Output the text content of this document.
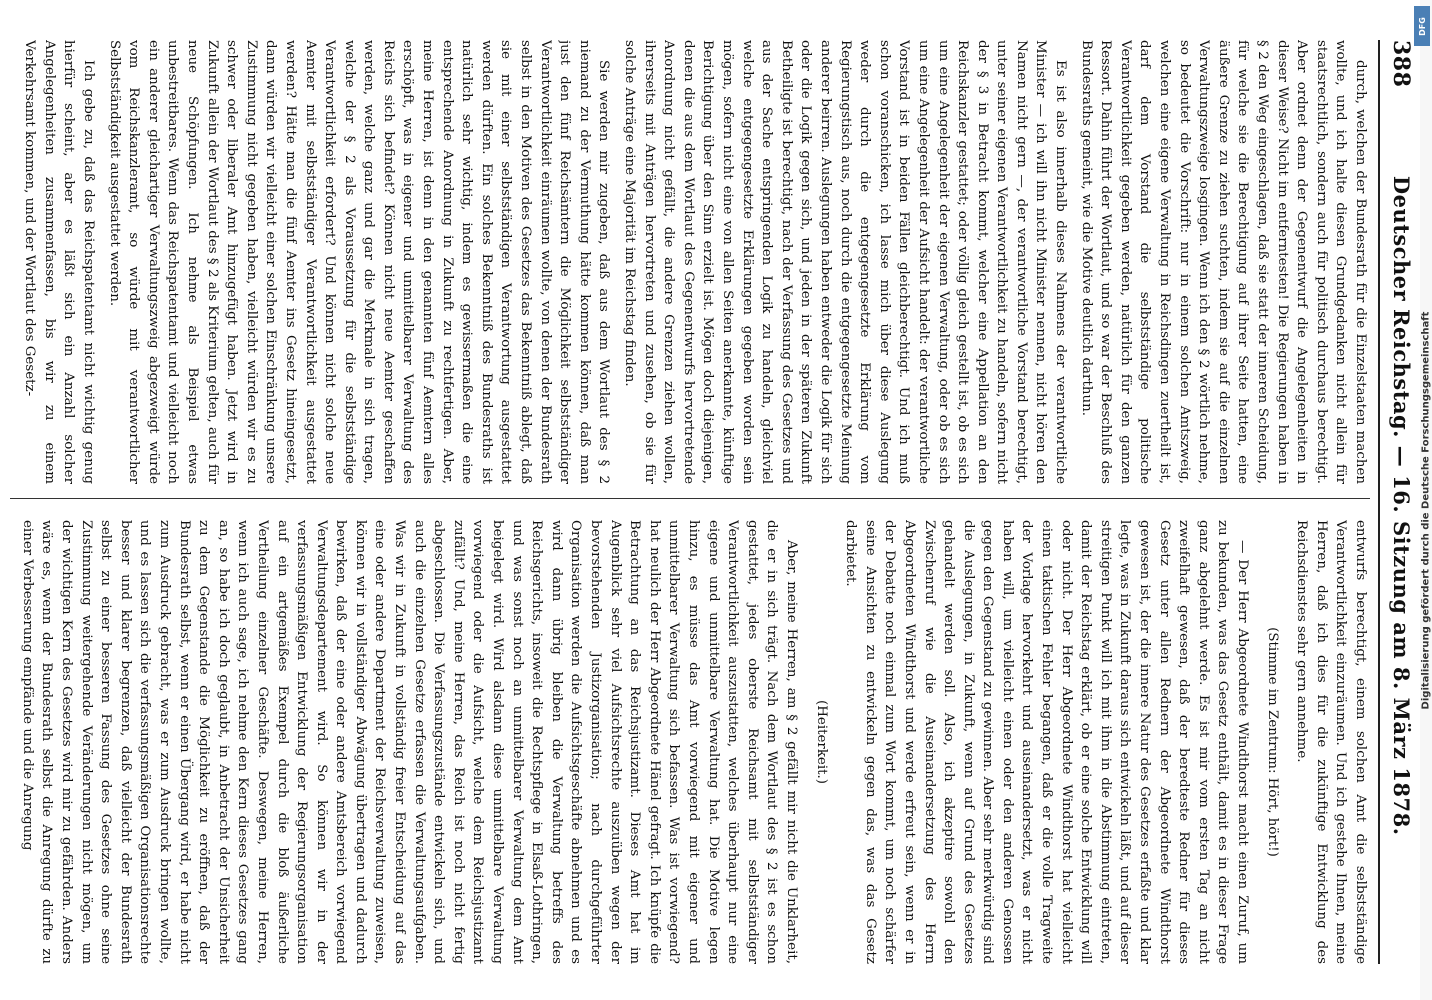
388
Deutscher Reichstag. — 16. Sitzung am 8. März 1878.

durch, welchen der Bundesrath für die Einzelstaaten machen wollte, und ich halte diesen Grundgedanken nicht allein für staatsrechtlich, sondern auch für politisch durchaus berechtigt. Aber ordnet denn der Gegenentwurf die Angelegenheiten in dieser Weise? Nicht im entferntesten! Die Regierungen haben in § 2 den Weg eingeschlagen, daß sie statt der inneren Scheidung, für welche sie die Berechtigung auf ihrer Seite hatten, eine äußere Grenze zu ziehen suchten, indem sie auf die einzelnen Verwaltungszweige losgingen. Wenn ich den § 2 wörtlich nehme, so bedeutet die Vorschrift: nur in einem solchen Amtszweig, welchen eine eigene Verwaltung in Reichsdingen zuertheilt ist, darf dem Vorstand die selbstständige politische Verantwortlichkeit gegeben werden, natürlich für den ganzen Ressort. Dahin führt der Wortlaut, und so war der Beschluß des Bundesraths gemeint, wie die Motive deutlich darthun.

Es ist also innerhalb dieses Nahmens der verantwortliche Minister — ich will ihn nicht Minister nennen, nicht hören den Namen nicht gern —, der verantwortliche Vorstand berechtigt, unter seiner eigenen Verantwortlichkeit zu handeln, sofern nicht der § 3 in Betracht kommt, welcher eine Appellation an den Reichskanzler gestattet; oder völlig gleich gestellt ist, ob es sich um eine Angelegenheit der eigenen Verwaltung, oder ob es sich um eine Angelegenheit der Aufsicht handelt: der verantwortliche Vorstand ist in beiden Fällen gleichberechtigt. Und ich muß schon voranschicken, ich lasse mich über diese Auslegung weder durch die entgegengesetzte Erklärung vom Regierungstisch aus, noch durch die entgegengesetzte Meinung anderer beirren. Auslegungen haben entweder die Logik für sich oder die Logik gegen sich, und jeden in der späteren Zukunft Betheiligte ist berechtigt, nach der Verfassung des Gesetzes und aus der Sache entspringenden Logik zu handeln, gleichviel welche entgegengesetzte Erklärungen gegeben worden sein mögen, sofern nicht eine von allen Seiten anerkannte, künftige Berichtigung über den Sinn erzielt ist. Mögen doch diejenigen, denen die aus dem Wortlaut des Gegenentwurfs hervortretende Anordnung nicht gefällt, die andere Grenzen ziehen wollen, ihrerseits mit Anträgen hervortreten und zusehen, ob sie für solche Anträge eine Majorität im Reichstag finden.

Sie werden mir zugeben, daß aus dem Wortlaut des § 2 niemand zu der Vermuthung hätte kommen können, daß man just den fünf Reichsämtern die Möglichkeit selbstständiger Verantwortlichkeit einräumen wollte, von denen der Bundesrath selbst in den Motiven des Gesetzes das Bekenntniß ablegt, daß sie mit einer selbstständigen Verantwortung ausgestattet werden dürften. Ein solches Bekenntniß des Bundesraths ist natürlich sehr wichtig, indem es gewissermaßen die eine entsprechende Anordnung in Zukunft zu rechtfertigen. Aber, meine Herren, ist denn in den genannten fünf Aemtern alles erschöpft, was in eigener und unmittelbarer Verwaltung des Reichs sich befindet? Können nicht neue Aemter geschaffen werden, welche ganz und gar die Merkmale in sich tragen, welche der § 2 als Voraussetzung für die selbstständige Verantwortlichkeit erfordert? Und können nicht solche neue Aemter mit selbstständiger Verantwortlichkeit ausgestattet werden? Hätte man die fünf Aemter ins Gesetz hineingesetzt, dann würden wir vielleicht einer solchen Einschränkung unsere Zustimmung nicht gegeben haben, vielleicht würden wir es zu schwer oder liberaler Amt hinzugefügt haben. Jetzt wird in Zukunft allein der Wortlaut des § 2 als Kriterium gelten, auch für neue Schöpfungen. Ich nehme als Beispiel etwas unbestreitbares. Wenn das Reichspatentamt und vielleicht noch ein anderer gleichartiger Verwaltungszweig abgezweigt würde vom Reichskanzleramt, so würde mit verantwortlicher Selbstständigkeit ausgestattet werden.

Ich gebe zu, daß das Reichspatentamt nicht wichtig genug hierfür scheint, aber es läßt sich ein Anzahl solcher Angelegenheiten zusammenfassen, bis wir zu einem Verkehrsamt kommen, und der Wortlaut des Gesetz-

entwurfs berechtigt, einem solchen Amt die selbstständige Verantwortlichkeit einzuräumen. Und ich gestehe Ihnen, meine Herren, daß ich dies für die zukünftige Entwicklung des Reichsdienstes sehr gern annehme.

(Stimme im Zentrum: Hört, hört!)

— Der Herr Abgeordnete Windthorst macht einen Zuruf, um zu bekunden, was das Gesetz enthält, damit es in dieser Frage ganz abgelehnt werde. Es ist mir vom ersten Tag an nicht zweifelhaft gewesen, daß der beredteste Redner für dieses Gesetz unter allen Rednern der Abgeordnete Windthorst gewesen ist, der die innere Natur des Gesetzes erfaßte und klar legte, was in Zukunft daraus sich entwickeln läßt, und auf dieser streitigen Punkt will ich mit ihm in die Abstimmung eintreten, damit der Reichstag erklärt, ob er eine solche Entwicklung will oder nicht. Der Herr Abgeordnete Windthorst hat vielleicht einen taktischen Fehler begangen, daß er die volle Tragweite der Vorlage hervorkehrt und auseinandersetzt, was er nicht haben will, um vielleicht einen oder den anderen Genossen gegen den Gegenstand zu gewinnen. Aber sehr merkwürdig sind die Auslegungen, in Zukunft, wenn auf Grund des Gesetzes gehandelt werden soll. Also, ich akzeptire sowohl den Zwischenruf wie die Auseinandersetzung des Herrn Abgeordneten Windthorst und werde erfreut sein, wenn er in der Debatte noch einmal zum Wort kommt, um noch schärfer seine Ansichten zu entwickeln gegen das, was das Gesetz darbietet.

(Heiterkeit.)

Aber, meine Herren, am § 2 gefällt mir nicht die Unklarheit, die er in sich trägt. Nach dem Wortlaut des § 2 ist es schon gestattet, jedes oberste Reichsamt mit selbstständiger Verantwortlichkeit auszustatten, welches überhaupt nur eine eigene und unmittelbare Verwaltung hat. Die Motive legen hinzu, es müsse das Amt vorwiegend mit eigener und unmittelbarer Verwaltung sich befassen. Was ist vorwiegend? hat neulich der Herr Abgeordnete Hänel gefragt. Ich knüpfe die Betrachtung an das Reichsjustizamt. Dieses Amt hat im Augenblick sehr viel Aufsichtsrechte auszuüben wegen der bevorstehenden Justizorganisation; nach durchgeführter Organisation werden die Aufsichtsgeschäfte abnehmen und es wird dann übrig bleiben die Verwaltung betreffs des Reichsgerichts, insoweit die Rechtspflege in Elsaß-Lothringen, und was sonst noch an unmittelbarer Verwaltung dem Amt beigelegt wird. Wird alsdann diese unmittelbare Verwaltung vorwiegend oder die Aufsicht, welche dem Reichsjustizamt zufällt? Und, meine Herren, das Reich ist noch nicht fertig abgeschlossen. Die Verfassungszustände entwickeln sich, und auch die einzelnen Gesetze erfassen die Verwaltungsaufgaben. Was wir in Zukunft in vollständig freier Entscheidung auf das eine oder andere Department der Reichsverwaltung zuweisen, können wir in vollständiger Abwägung übertragen und dadurch bewirken, daß der eine oder andere Amtsbereich vorwiegend Verwaltungsdepartement wird. So können wir in der verfassungsmäßigen Entwicklung der Regierungsorganisation auf ein artgemäßes Exempel durch die bloß äußerliche Vertheilung einzelner Geschäfte. Deswegen, meine Herren, wenn ich auch sage, ich nehme den Kern dieses Gesetzes gang an, so habe ich doch geglaubt, in Anbetracht der Unsicherheit zu dem Gegenstande die Möglichkeit zu eröffnen, daß der Bundesrath selbst, wenn er einen Übergang wird, er habe nicht zum Ausdruck gebracht, was er zum Ausdruck bringen wollte, und es lassen sich die verfassungsmäßigen Organisationsrechte besser und klarer begrenzen, daß vielleicht der Bundesrath selbst zu einer besseren Fassung des Gesetzes ohne seine Zustimmung weitergehende Veränderungen nicht mögen, um der wichtigen Kern des Gesetzes wird mir zu gefährden. Anders wäre es, wenn der Bundesrath selbst die Anregung dürfte zu einer Verbesserung empfände und die Anregung

DFG
Digitalisierung gefördert durch die Deutsche Forschungsgemeinschaft
